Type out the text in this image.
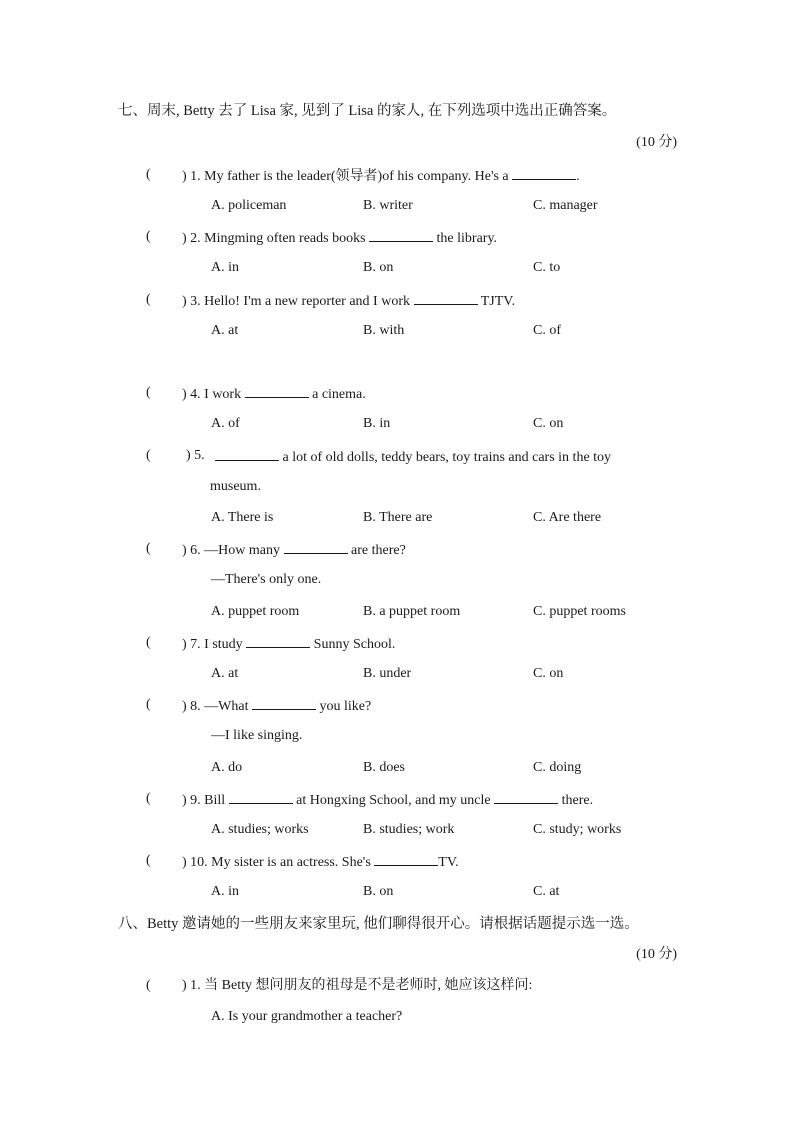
七、周末, Betty 去了 Lisa 家, 见到了 Lisa 的家人, 在下列选项中选出正确答案。
(10 分)
( ) 1. My father is the leader(领导者)of his company. He's a	.
A. policeman	B. writer	C. manager
( ) 2. Mingming often reads books	the library.
A. in	B. on	C. to
( ) 3. Hello! I'm a new reporter and I work	TJTV.
A. at	B. with	C. of
( ) 4. I work	a cinema.
A. of	B. in	C. on
(	) 5.	a lot of old dolls, teddy bears, toy trains and cars in the toy
museum.
A. There is	B. There are	C. Are there
( ) 6. —How many	are there?
—There's only one.
A. puppet room	B. a puppet room	C. puppet rooms
( ) 7. I study	Sunny School.
A. at	B. under	C. on
( ) 8. —What	you like?
—I like singing.
A. do	B. does	C. doing
( ) 9. Bill	at Hongxing School, and my uncle	there.
A. studies; works	B. studies; work	C. study; works
( ) 10. My sister is an actress. She's	TV.
A. in	B. on	C. at
八、Betty 邀请她的一些朋友来家里玩, 他们聊得很开心。请根据话题提示选一选。
(10 分)
( ) 1. 当 Betty 想问朋友的祖母是不是老师时, 她应该这样问:
A. Is your grandmother a teacher?
